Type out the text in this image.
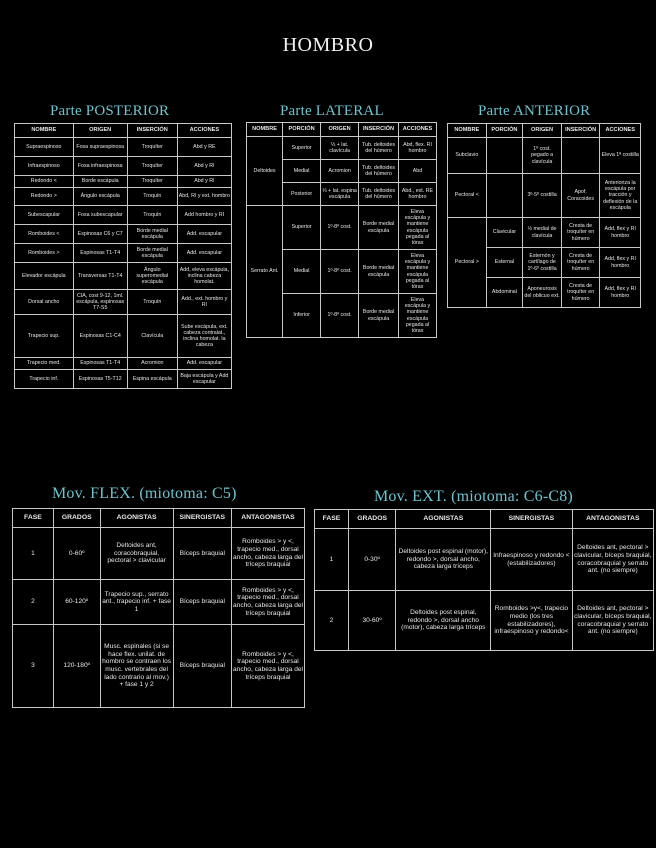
HOMBRO
Parte POSTERIOR
NOMBRE	ORIGEN	INSERCIÓN	ACCIONES
Supraespinoso	Fosa supraespinosa	Troquíter	Abd y RE
Infraespinoso	Fosa infraespinosa	Troquíter	Abd y RI
Redondo <	Borde escápula	Troquíter	Abd y RI
Redondo >	Ángulo escápula	Troquín	Abd, RI y ext. hombro
Subescapular	Fosa subescapular	Troquín	Add hombro y RI
Romboides <	Espinosas C6 y C7	Borde medial escápula	Add. escapular
Romboides >	Espinosas T1-T4	Borde medial escápula	Add. escapular
Elevador escápula	Transversas T1-T4	Ángulo superomedial escápula	Add, eleva escápula, inclina cabeza homolat.
Dorsal ancho	CIA, cost 9-12, 1ml. escápula, espinosas T7-S5	Troquín	Add., ext. hombro y RI
Trapecio sup.	Espinosas C1-C4	Clavícula	Sube escápula, ext. cabeza contralat., inclina homolat. la cabeza
Trapecio med.	Espinosas T1-T4	Acromion	Add. escapular
Trapecio inf.	Espinosas T5-T12	Espina escápula	Baja escápula y Add escapular
Parte LATERAL
NOMBRE	PORCIÓN	ORIGEN	INSERCIÓN	ACCIONES
Deltoides	Superior	⅓ + lat. clavícula	Tub. deltoides del húmero	Abd, flex. RI hombro
	Medial	Acromion	Tub. deltoides del húmero	Abd
	Posterior	⅓ + lat. espina escápula	Tub. deltoides del húmero	Abd., ext. RE hombro
Serrato Ant.	Superior	1º-8º cost.	Borde medial escápula	Eleva escápula y mantiene escápula pegada al tórax
	Medial	1º-8º cost.	Borde medial escápula	Eleva escápula y mantiene escápula pegada al tórax
	Inferior	1º-8º cost.	Borde medial escápula	Eleva escápula y mantiene escápula pegada al tórax
Parte ANTERIOR
NOMBRE	PORCIÓN	ORIGEN	INSERCIÓN	ACCIONES
Subclavio		1º cost. pegado a clavícula		Eleva 1ª costilla
Pectoral <		3º-5º costilla	Apof. Coracoides	Anterioriza la escápula por tracción y deflexión de la escápula
Pectoral >	Clavicular	½ medial de clavícula	Cresta de troquíter en húmero	Add, flex y RI hombro
	Esternal	Esternón y cartílago de 1º-6º costilla	Cresta de troquíter en húmero	Add, flex y RI hombro
	Abdominal	Aponeurosis del oblicuo ext.	Cresta de troquíter en húmero	Add, flex y RI hombro
Mov. FLEX. (miotoma: C5)
FASE	GRADOS	AGONISTAS	SINERGISTAS	ANTAGONISTAS
1	0-60º	Deltoides ant, coracobraquial, pectoral > clavicular	Bíceps braquial	Romboides > y <, trapecio med., dorsal ancho, cabeza larga del tríceps braquial
2	60-120º	Trapecio sup., serrato ant., trapecio inf. + fase 1	Bíceps braquial	Romboides > y <, trapecio med., dorsal ancho, cabeza larga del tríceps braquial
3	120-180º	Musc. espinales (si se hace flex. unilat. de hombro se contraen los musc. vertebrales del lado contrario al mov.) + fase 1 y 2	Bíceps braquial	Romboides > y <, trapecio med., dorsal ancho, cabeza larga del tríceps braquial
Mov. EXT. (miotoma: C6-C8)
FASE	GRADOS	AGONISTAS	SINERGISTAS	ANTAGONISTAS
1	0-30º	Deltoides post espinal (motor), redondo >, dorsal ancho, cabeza larga tríceps	Infraespinoso y redondo < (estabilizadores)	Deltoides ant, pectoral > clavicular, bíceps braquial, coracobraquial y serrato ant. (no siempre)
2	30-60º	Deltoides post espinal, redondo >, dorsal ancho (motor), cabeza larga tríceps	Romboides >y<, trapecio medio (los tres estabilizadores), infraespinoso y redondo<	Deltoides ant, pectoral > clavicular, bíceps braquial, coracobraquial y serrato ant. (no siempre)
